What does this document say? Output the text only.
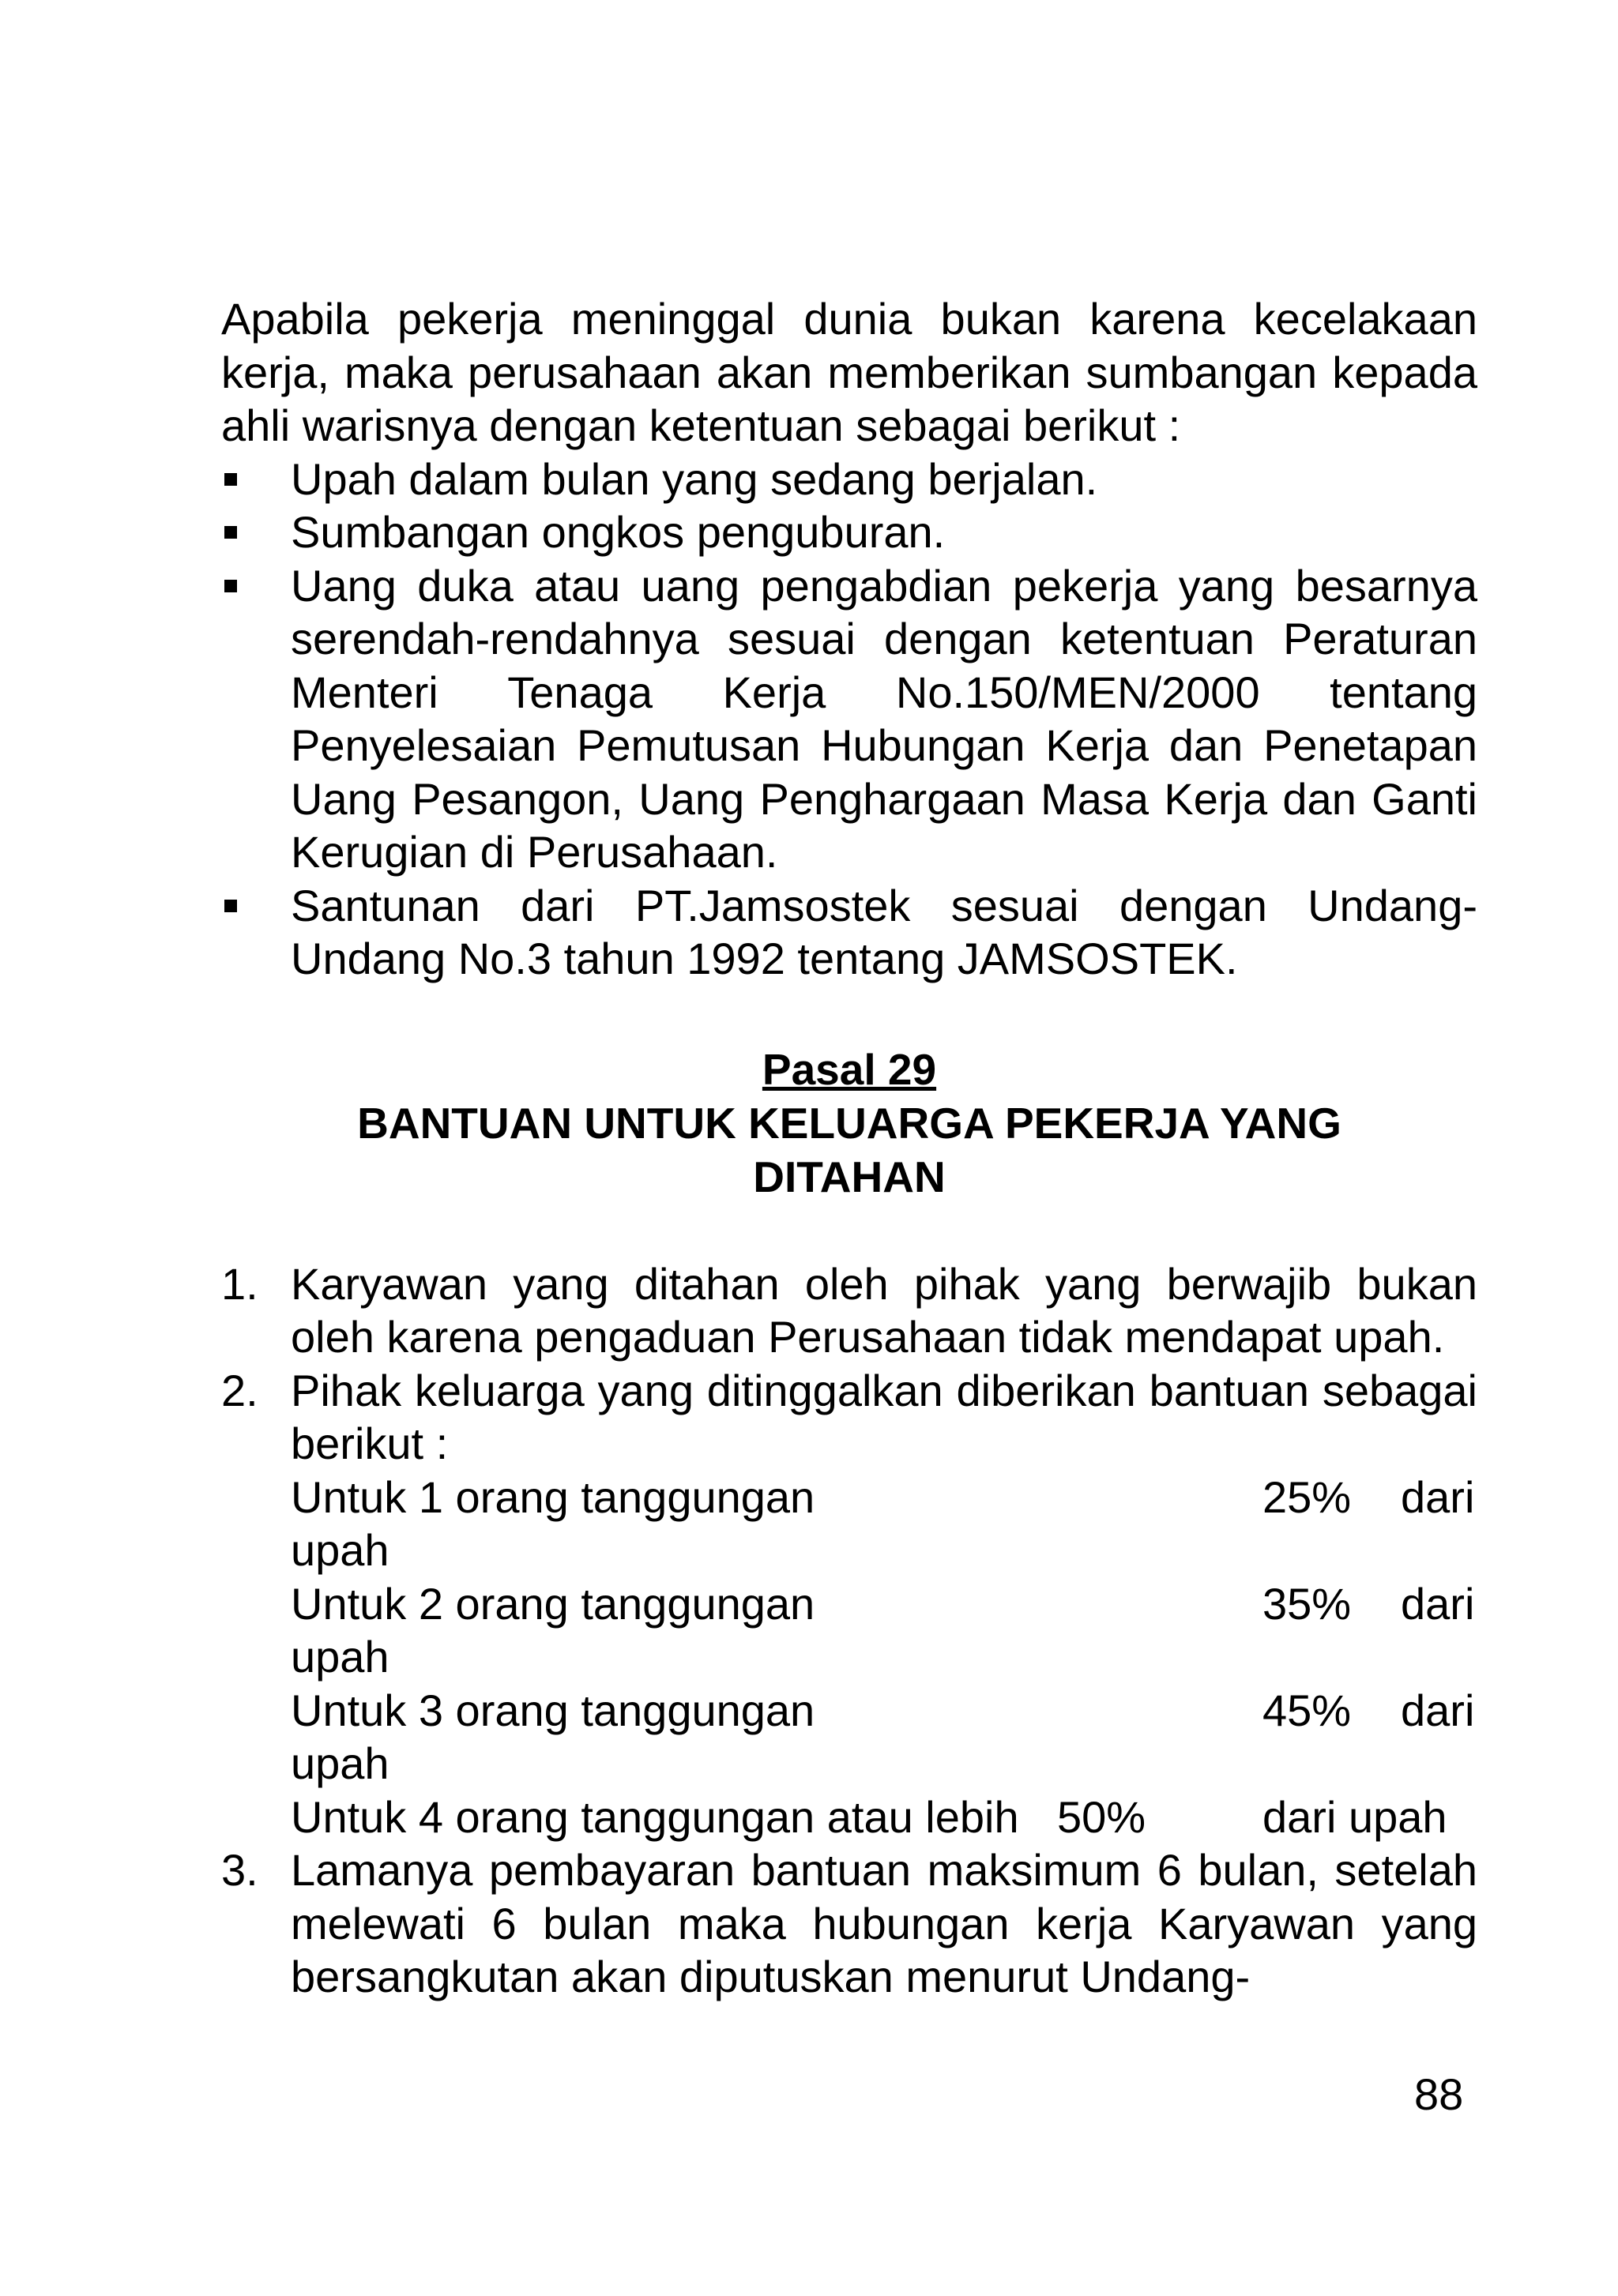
Apabila pekerja meninggal dunia bukan karena kecelakaan kerja, maka perusahaan akan memberikan sumbangan kepada ahli warisnya dengan ketentuan sebagai berikut :

Upah dalam bulan yang sedang berjalan.
Sumbangan ongkos penguburan.
Uang duka atau uang pengabdian pekerja yang besarnya serendah-rendahnya sesuai dengan ketentuan Peraturan Menteri Tenaga Kerja No.150/MEN/2000 tentang Penyelesaian Pemutusan Hubungan Kerja dan Penetapan Uang Pesangon, Uang Penghargaan Masa Kerja dan Ganti Kerugian di Perusahaan.
Santunan dari PT.Jamsostek sesuai dengan Undang-Undang No.3 tahun 1992 tentang JAMSOSTEK.
Pasal 29
BANTUAN UNTUK KELUARGA PEKERJA YANG DITAHAN
1. Karyawan yang ditahan oleh pihak yang berwajib bukan oleh karena pengaduan Perusahaan tidak mendapat upah.
2. Pihak keluarga yang ditinggalkan diberikan bantuan sebagai berikut :
Untuk 1 orang tanggungan	25% dari
upah
Untuk 2 orang tanggungan	35% dari
upah
Untuk 3 orang tanggungan	45% dari
upah
Untuk 4 orang tanggungan atau lebih 50%	dari upah
3. Lamanya pembayaran bantuan maksimum 6 bulan, setelah melewati 6 bulan maka hubungan kerja Karyawan yang bersangkutan akan diputuskan menurut Undang-
88
